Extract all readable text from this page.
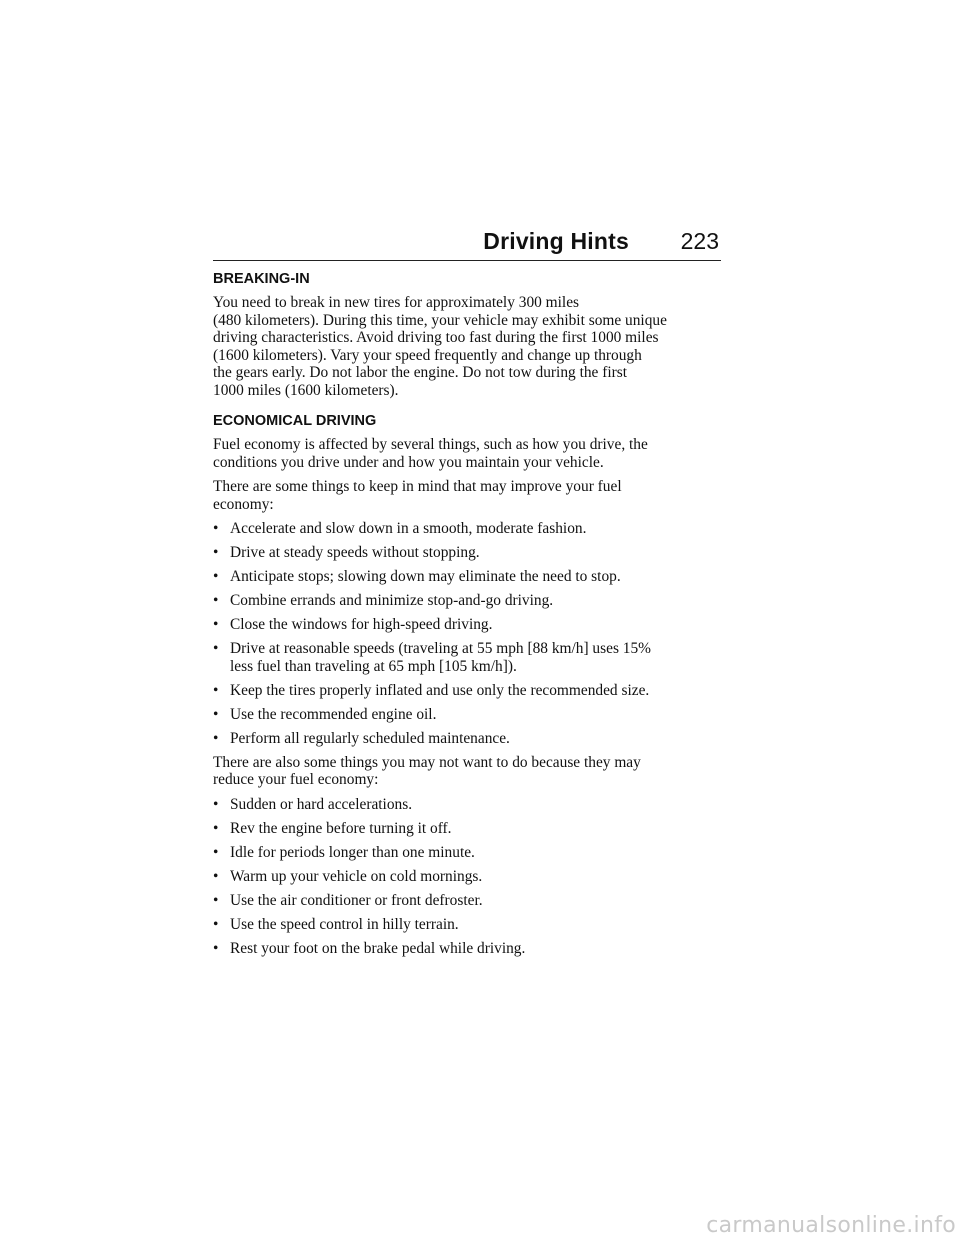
Driving Hints 223
BREAKING-IN

You need to break in new tires for approximately 300 miles
(480 kilometers). During this time, your vehicle may exhibit some unique
driving characteristics. Avoid driving too fast during the first 1000 miles
(1600 kilometers). Vary your speed frequently and change up through
the gears early. Do not labor the engine. Do not tow during the first
1000 miles (1600 kilometers).

ECONOMICAL DRIVING

Fuel economy is affected by several things, such as how you drive, the
conditions you drive under and how you maintain your vehicle.

There are some things to keep in mind that may improve your fuel
economy:

• Accelerate and slow down in a smooth, moderate fashion.
• Drive at steady speeds without stopping.
• Anticipate stops; slowing down may eliminate the need to stop.
• Combine errands and minimize stop-and-go driving.
• Close the windows for high-speed driving.
• Drive at reasonable speeds (traveling at 55 mph [88 km/h] uses 15%
less fuel than traveling at 65 mph [105 km/h]).
• Keep the tires properly inflated and use only the recommended size.
• Use the recommended engine oil.
• Perform all regularly scheduled maintenance.

There are also some things you may not want to do because they may
reduce your fuel economy:

• Sudden or hard accelerations.
• Rev the engine before turning it off.
• Idle for periods longer than one minute.
• Warm up your vehicle on cold mornings.
• Use the air conditioner or front defroster.
• Use the speed control in hilly terrain.
• Rest your foot on the brake pedal while driving.
carmanualsonline.info
